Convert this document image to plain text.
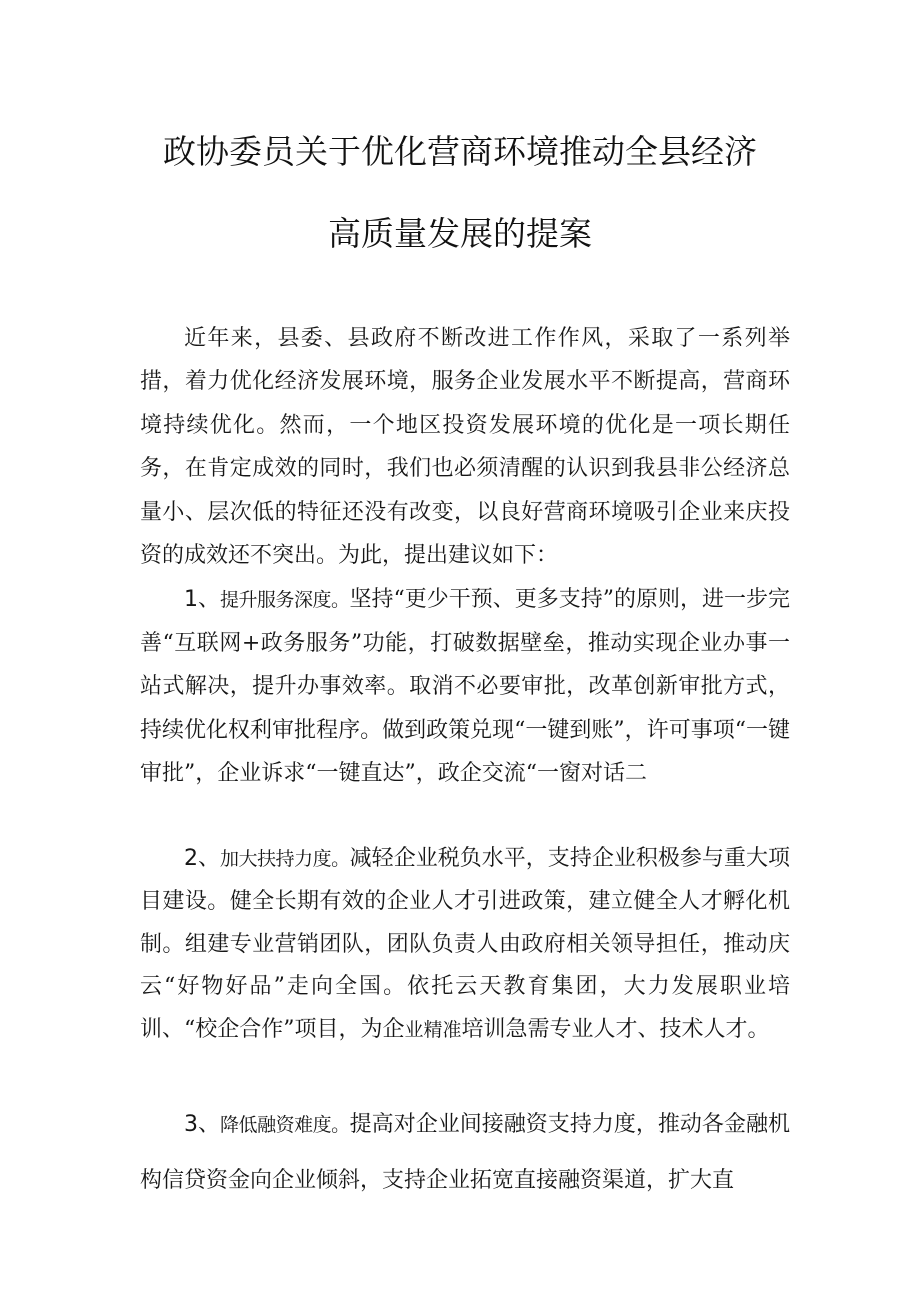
政协委员关于优化营商环境推动全县经济
高质量发展的提案

近年来，县委、县政府不断改进工作作风，采取了一系列举措，着力优化经济发展环境，服务企业发展水平不断提高，营商环境持续优化。然而，一个地区投资发展环境的优化是一项长期任务，在肯定成效的同时，我们也必须清醒的认识到我县非公经济总量小、层次低的特征还没有改变，以良好营商环境吸引企业来庆投资的成效还不突出。为此，提出建议如下：

1、提升服务深度。坚持“更少干预、更多支持”的原则，进一步完善“互联网+政务服务”功能，打破数据壁垒，推动实现企业办事一站式解决，提升办事效率。取消不必要审批，改革创新审批方式，持续优化权利审批程序。做到政策兑现“一键到账”，许可事项“一键审批”，企业诉求“一键直达”，政企交流“一窗对话二

2、加大扶持力度。减轻企业税负水平，支持企业积极参与重大项目建设。健全长期有效的企业人才引进政策，建立健全人才孵化机制。组建专业营销团队，团队负责人由政府相关领导担任，推动庆云“好物好品”走向全国。依托云天教育集团，大力发展职业培训、“校企合作”项目，为企业精准培训急需专业人才、技术人才。

3、降低融资难度。提高对企业间接融资支持力度，推动各金融机构信贷资金向企业倾斜，支持企业拓宽直接融资渠道，扩大直
